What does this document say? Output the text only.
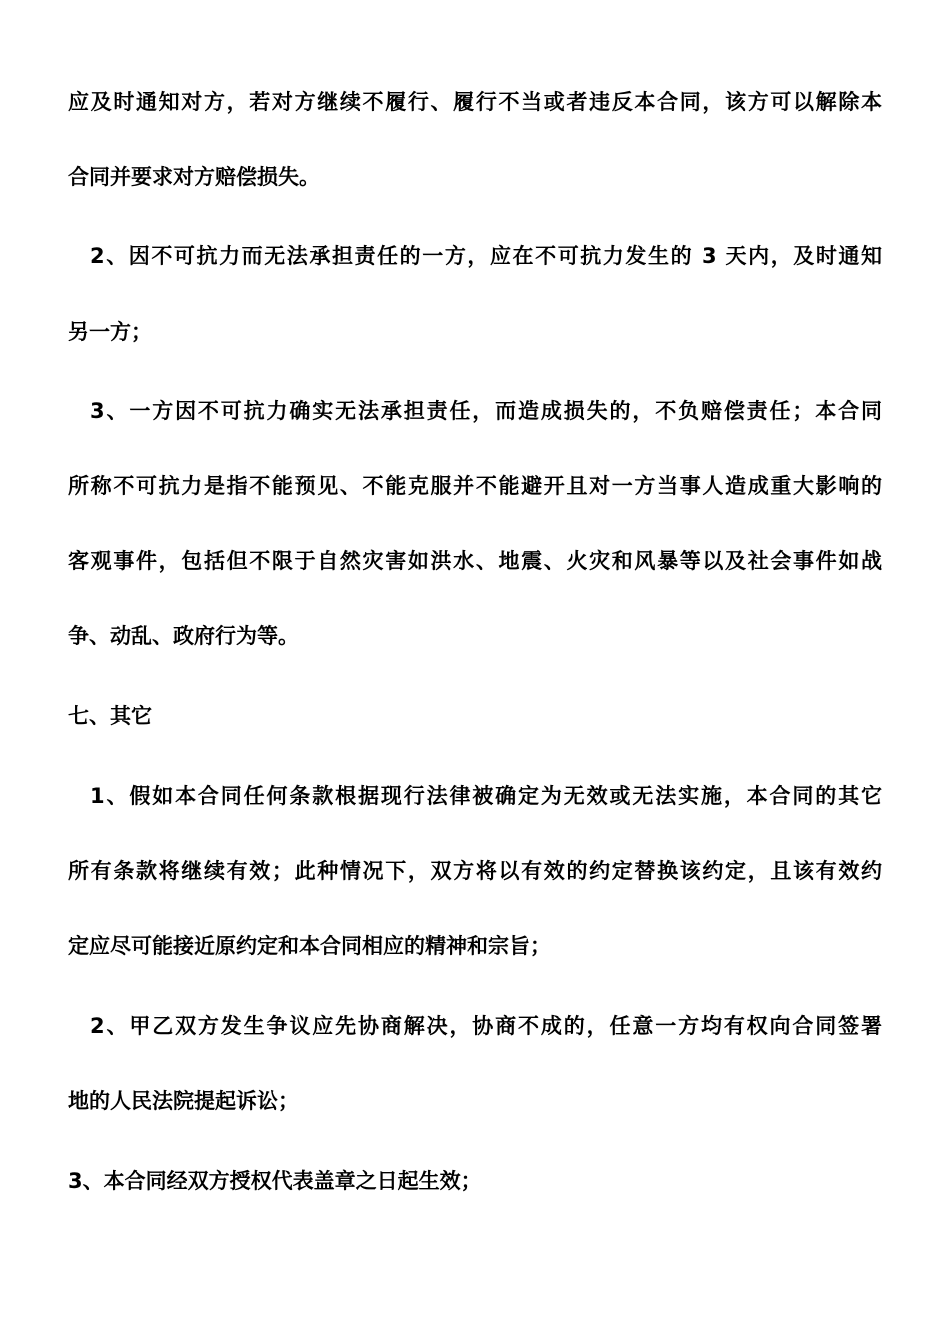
应及时通知对方，若对方继续不履行、履行不当或者违反本合同，该方可以解除本
合同并要求对方赔偿损失。
2、因不可抗力而无法承担责任的一方，应在不可抗力发生的 3 天内，及时通知
另一方；
3、一方因不可抗力确实无法承担责任，而造成损失的，不负赔偿责任；本合同
所称不可抗力是指不能预见、不能克服并不能避开且对一方当事人造成重大影响的
客观事件，包括但不限于自然灾害如洪水、地震、火灾和风暴等以及社会事件如战
争、动乱、政府行为等。
七、其它
1、假如本合同任何条款根据现行法律被确定为无效或无法实施，本合同的其它
所有条款将继续有效；此种情况下，双方将以有效的约定替换该约定，且该有效约
定应尽可能接近原约定和本合同相应的精神和宗旨；
2、甲乙双方发生争议应先协商解决，协商不成的，任意一方均有权向合同签署
地的人民法院提起诉讼；
3、本合同经双方授权代表盖章之日起生效；
